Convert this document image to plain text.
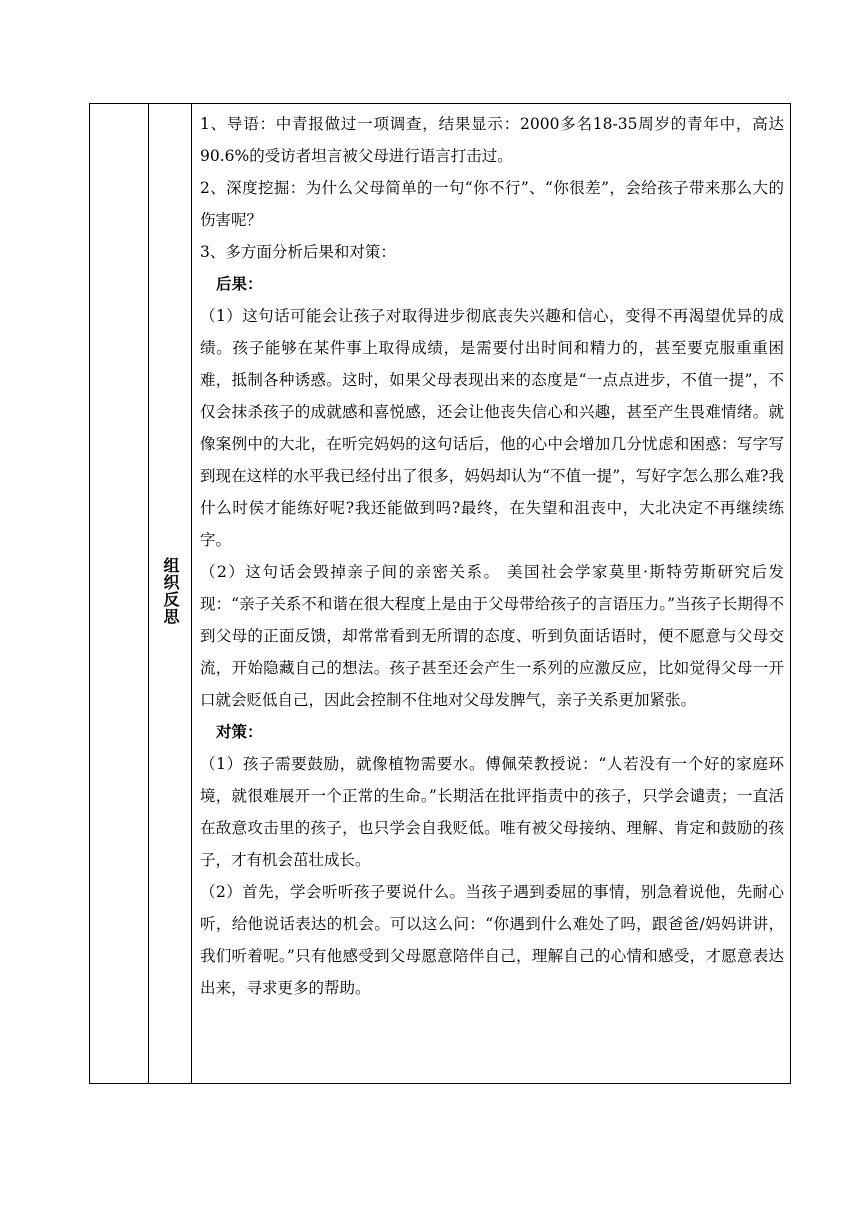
组织反思

1、导语：中青报做过一项调查，结果显示：2000多名18-35周岁的青年中，高达90.6%的受访者坦言被父母进行语言打击过。

2、深度挖掘：为什么父母简单的一句“你不行”、“你很差”，会给孩子带来那么大的伤害呢？

3、多方面分析后果和对策：

后果：

（1）这句话可能会让孩子对取得进步彻底丧失兴趣和信心，变得不再渴望优异的成绩。孩子能够在某件事上取得成绩，是需要付出时间和精力的，甚至要克服重重困难，抵制各种诱惑。这时，如果父母表现出来的态度是“一点点进步，不值一提”，不仅会抹杀孩子的成就感和喜悦感，还会让他丧失信心和兴趣，甚至产生畏难情绪。就像案例中的大北，在听完妈妈的这句话后，他的心中会增加几分忧虑和困惑：写字写到现在这样的水平我已经付出了很多，妈妈却认为“不值一提”，写好字怎么那么难?我什么时侯才能练好呢?我还能做到吗?最终，在失望和沮丧中，大北决定不再继续练字。

（2）这句话会毁掉亲子间的亲密关系。 美国社会学家莫里·斯特劳斯研究后发现：“亲子关系不和谐在很大程度上是由于父母带给孩子的言语压力。”当孩子长期得不到父母的正面反馈，却常常看到无所谓的态度、听到负面话语时，便不愿意与父母交流，开始隐藏自己的想法。孩子甚至还会产生一系列的应激反应，比如觉得父母一开口就会贬低自己，因此会控制不住地对父母发脾气，亲子关系更加紧张。

对策：

（1）孩子需要鼓励，就像植物需要水。傅佩荣教授说：“人若没有一个好的家庭环境，就很难展开一个正常的生命。”长期活在批评指责中的孩子，只学会谴责；一直活在敌意攻击里的孩子，也只学会自我贬低。唯有被父母接纳、理解、肯定和鼓励的孩子，才有机会茁壮成长。

（2）首先，学会听听孩子要说什么。当孩子遇到委屈的事情，别急着说他，先耐心听，给他说话表达的机会。可以这么问：“你遇到什么难处了吗，跟爸爸/妈妈讲讲，我们听着呢。”只有他感受到父母愿意陪伴自己，理解自己的心情和感受，才愿意表达出来，寻求更多的帮助。
